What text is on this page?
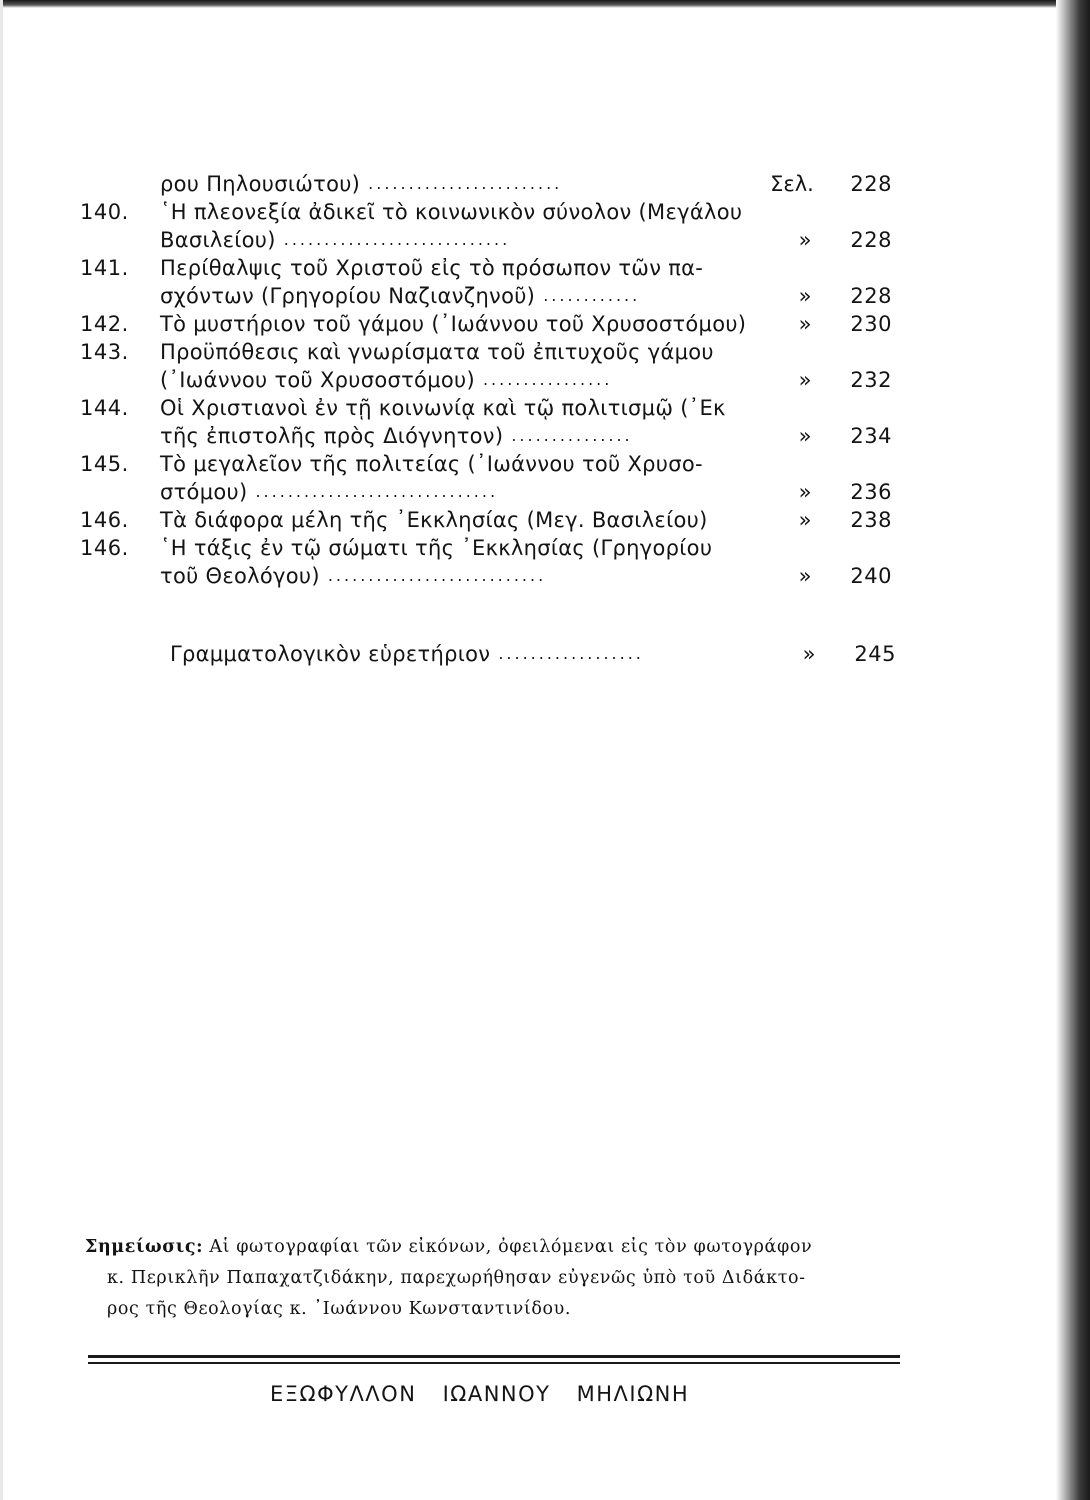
ρου Πηλουσιώτου) ........................	Σελ.	228
140.	῾Η πλεονεξία ἀδικεῖ τὸ κοινωνικὸν σύνολον (Μεγάλου
Βασιλείου) ............................	»	228
141.	Περίθαλψις τοῦ Χριστοῦ εἰς τὸ πρόσωπον τῶν πα-
σχόντων (Γρηγορίου Ναζιανζηνοῦ) ............	»	228
142.	Τὸ μυστήριον τοῦ γάμου (᾿Ιωάννου τοῦ Χρυσοστόμου)	»	230
143.	Προϋπόθεσις καὶ γνωρίσματα τοῦ ἐπιτυχοῦς γάμου
(᾿Ιωάννου τοῦ Χρυσοστόμου) ................	»	232
144.	Οἱ Χριστιανοὶ ἐν τῇ κοινωνίᾳ καὶ τῷ πολιτισμῷ (᾿Εκ
τῆς ἐπιστολῆς πρὸς Διόγνητον) ...............	»	234
145.	Τὸ μεγαλεῖον τῆς πολιτείας (᾿Ιωάννου τοῦ Χρυσο-
στόμου) ..............................	»	236
146.	Τὰ διάφορα μέλη τῆς ᾿Εκκλησίας (Μεγ. Βασιλείου)	»	238
146.	῾Η τάξις ἐν τῷ σώματι τῆς ᾿Εκκλησίας (Γρηγορίου
τοῦ Θεολόγου) ...........................	»	240
Γραμματολογικὸν εὑρετήριον ..................	»	245
Σημείωσις: Αἱ φωτογραφίαι τῶν εἰκόνων, ὀφειλόμεναι εἰς τὸν φωτογράφον
κ. Περικλῆν Παπαχατζιδάκην, παρεχωρήθησαν εὐγενῶς ὑπὸ τοῦ Διδάκτο-
ρος τῆς Θεολογίας κ. ᾿Ιωάννου Κωνσταντινίδου.
ΕΞΩΦΥΛΛΟΝ ΙΩΑΝΝΟΥ ΜΗΛΙΩΝΗ
